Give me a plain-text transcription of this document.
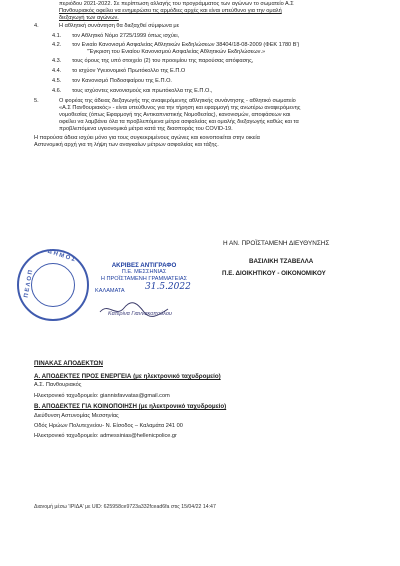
περιόδου 2021-2022. Σε περίπτωση αλλαγής του προγράμματος των αγώνων το σωματείο Α.Σ
Πανθουριακός οφείλει να ενημερώσει τις αρμόδιες αρχές και είναι υπεύθυνο για την ομαλή
διεξαγωγή των αγώνων.
4.	Η αθλητική συνάντηση θα διεξαχθεί σύμφωνα με
4.1. τον Αθλητικό Νόμο 2725/1999 όπως ισχύει,
4.2. τον Ενιαίο Κανονισμό Ασφαλείας Αθλητικών Εκδηλώσεων 38404/18-08-2009 (ΦΕΚ 1780 Β')
"Έγκριση του Ενιαίου Κανονισμού Ασφαλείας Αθλητικών Εκδηλώσεων.»
4.3. τους όρους της υπό στοιχείο (2) του προοιμίου της παρούσας απόφασης,
4.4. το ισχύον Υγειονομικό Πρωτόκολλο της Ε.Π.Ο
4.5. τον Κανονισμό Ποδοσφαίρου της Ε.Π.Ο.
4.6. τους ισχύοντες κανονισμούς και πρωτόκολλα της Ε.Π.Ο.,
5.	Ο φορέας της άδειας διεξαγωγής της αναφερόμενης αθλητικής συνάντησης - αθλητικό σωματείο
«Α.Σ Πανθουριακός» - είναι υπεύθυνος για την τήρηση και εφαρμογή της ανωτέρω αναφερόμενης
νομοθεσίας (όπως Εφαρμογή της Αντικαπνιστικής Νομοθεσίας), κανονισμών, αποφάσεων και
οφείλει να λαμβάνει όλα τα προβλεπόμενα μέτρα ασφαλείας και ομαλής διεξαγωγής καθώς και τα
προβλεπόμενα υγειονομικά μέτρα κατά της διασποράς του COVID-19.
Η παρούσα άδεια ισχύει μόνο για τους συγκεκριμένους αγώνες και κοινοποιείται στην οικεία
Αστυνομική αρχή για τη λήψη των αναγκαίων μέτρων ασφαλείας και τάξης.
Η ΑΝ. ΠΡΟΪΣΤΑΜΕΝΗ ΔΙΕΥΘΥΝΣΗΣ
ΒΑΣΙΛΙΚΗ ΤΖΑΒΕΛΛΑ
Π.Ε. ΔΙΟΙΚΗΤΙΚΟΥ - ΟΙΚΟΝΟΜΙΚΟΥ
Δ Η Μ Ο Σ
Π Ε Λ Ο Π
ΑΚΡΙΒΕΣ ΑΝΤΙΓΡΑΦΟ
Π.Ε. ΜΕΣΣΗΝΙΑΣ
Η ΠΡΟΪΣΤΑΜΕΝΗ ΓΡΑΜΜΑΤΕΙΑΣ
ΚΑΛΑΜΑΤΑ 31.5.2022
Κατερίνα Γιαννακοπούλου
ΠΙΝΑΚΑΣ ΑΠΟΔΕΚΤΩΝ
Α. ΑΠΟΔΕΚΤΕΣ ΠΡΟΣ ΕΝΕΡΓΕΙΑ (με ηλεκτρονικό ταχυδρομείο)
Α.Σ. Πανθουριακός
Ηλεκτρονικό ταχυδρομείο: giannisfavvatas@gmail.com
Β. ΑΠΟΔΕΚΤΕΣ ΓΙΑ ΚΟΙΝΟΠΟΙΗΣΗ (με ηλεκτρονικό ταχυδρομείο)
Διεύθυνση Αστυνομίας Μεσσηνίας
Οδός Ηρώων Πολυτεχνείου- Ν. Είσοδος – Καλαμάτα 241 00
Ηλεκτρονικό ταχυδρομείο: admessinias@hellenicpolice.gr
Διανομή μέσω 'ΙΡΙΔΑ' με UID: 625958ce9723a332fcead6fa στις 15/04/22 14:47
